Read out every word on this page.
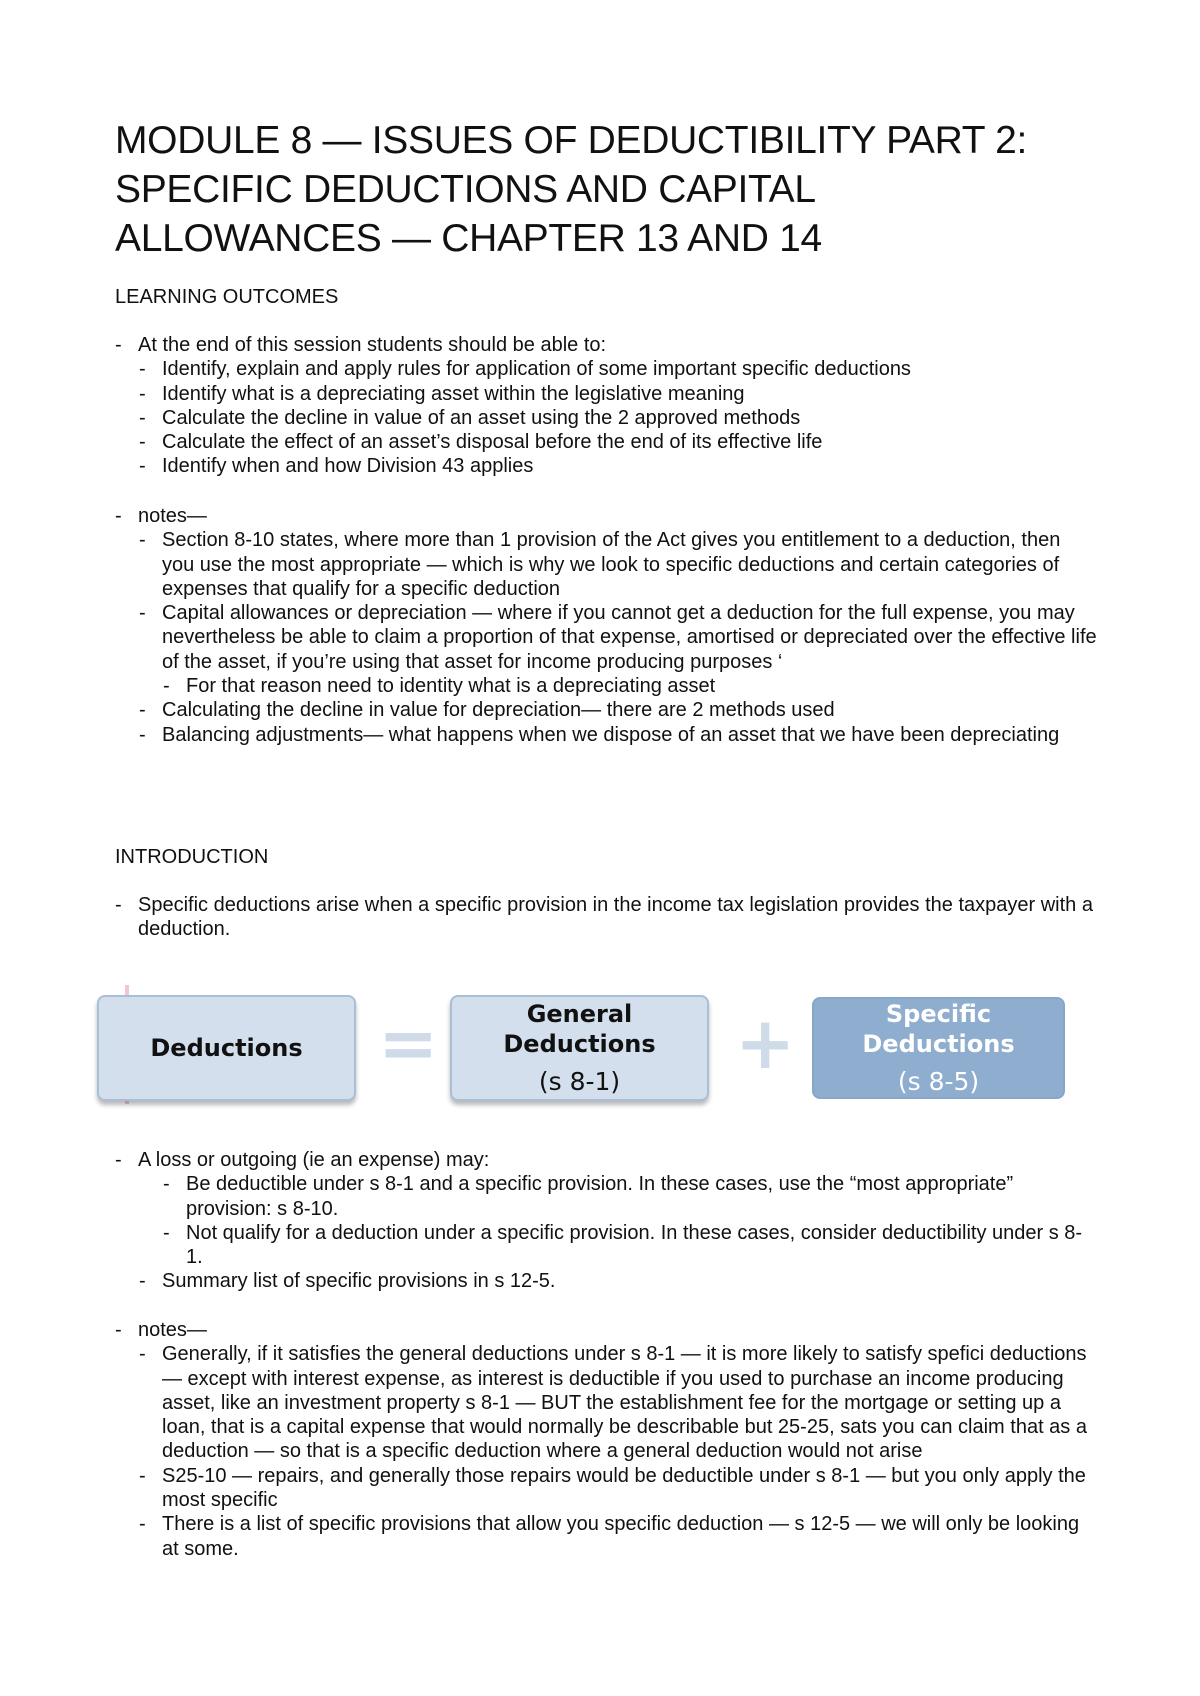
MODULE 8 — ISSUES OF DEDUCTIBILITY PART 2:
SPECIFIC DEDUCTIONS AND CAPITAL
ALLOWANCES — CHAPTER 13 AND 14
LEARNING OUTCOMES
- At the end of this session students should be able to:
- Identify, explain and apply rules for application of some important specific deductions
- Identify what is a depreciating asset within the legislative meaning
- Calculate the decline in value of an asset using the 2 approved methods
- Calculate the effect of an asset’s disposal before the end of its effective life
- Identify when and how Division 43 applies
- notes—
- Section 8-10 states, where more than 1 provision of the Act gives you entitlement to a deduction, then you use the most appropriate — which is why we look to specific deductions and certain categories of expenses that qualify for a specific deduction
- Capital allowances or depreciation — where if you cannot get a deduction for the full expense, you may nevertheless be able to claim a proportion of that expense, amortised or depreciated over the effective life of the asset, if you’re using that asset for income producing purposes ‘
- For that reason need to identity what is a depreciating asset
- Calculating the decline in value for depreciation— there are 2 methods used
- Balancing adjustments— what happens when we dispose of an asset that we have been depreciating
INTRODUCTION
- Specific deductions arise when a specific provision in the income tax legislation provides the taxpayer with a deduction.
Deductions =	General
Deductions
(s 8-1) +	Specific
Deductions
(s 8-5)
- A loss or outgoing (ie an expense) may:
- Be deductible under s 8-1 and a specific provision. In these cases, use the “most appropriate” provision: s 8-10.
- Not qualify for a deduction under a specific provision. In these cases, consider deductibility under s 8-1.
- Summary list of specific provisions in s 12-5.
- notes—
- Generally, if it satisfies the general deductions under s 8-1 — it is more likely to satisfy spefici deductions — except with interest expense, as interest is deductible if you used to purchase an income producing asset, like an investment property s 8-1 — BUT the establishment fee for the mortgage or setting up a loan, that is a capital expense that would normally be describable but 25-25, sats you can claim that as a deduction — so that is a specific deduction where a general deduction would not arise
- S25-10 — repairs, and generally those repairs would be deductible under s 8-1 — but you only apply the most specific
- There is a list of specific provisions that allow you specific deduction — s 12-5 — we will only be looking at some.
